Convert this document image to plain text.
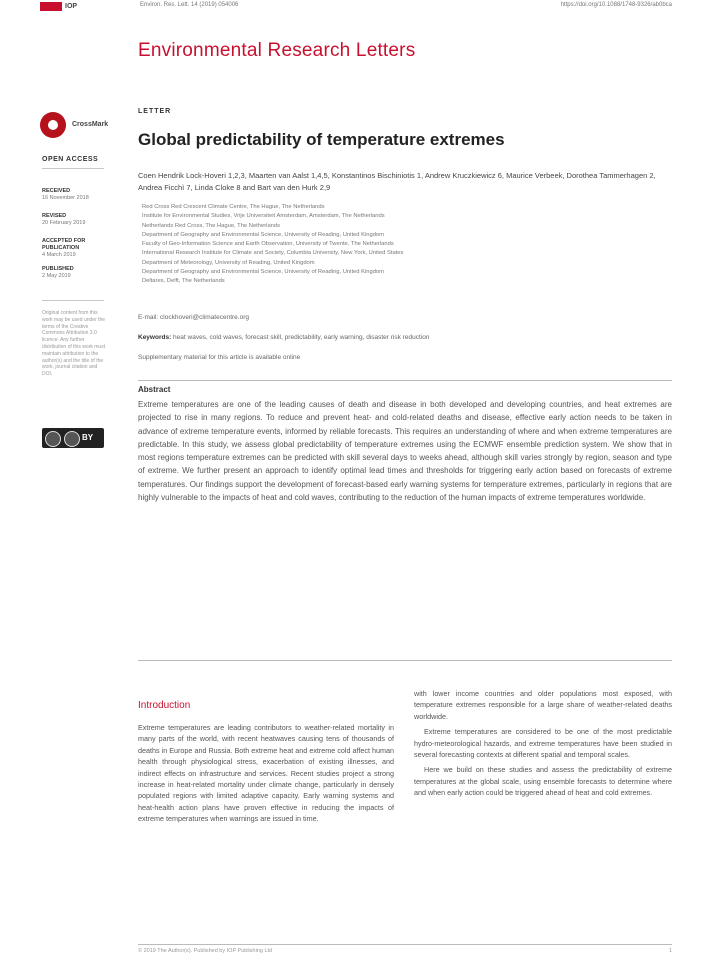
IOP	Environ. Res. Lett. 14 (2019) 054006	https://doi.org/10.1088/1748-9326/ab0bca
Environmental Research Letters
CrossMark
OPEN ACCESS
RECEIVED
16 November 2018
REVISED
20 February 2019
ACCEPTED FOR PUBLICATION
4 March 2019
PUBLISHED
2 May 2019
Original content from this work may be used under the terms of the Creative Commons Attribution 3.0 licence. Any further distribution of this work must maintain attribution to the author(s) and the title of the work, journal citation and DOI.
BY
LETTER
Global predictability of temperature extremes
Coen Hendrik Lock-Hoveri 1,2,3, Maarten van Aalst 1,4,5, Konstantinos Bischiniotis 1, Andrew Kruczkiewicz 6, Maurice Verbeek, Dorothea Tammerhagen 2, Andrea Ficchì 7, Linda Cloke 8 and Bart van den Hurk 2,9
Red Cross Red Crescent Climate Centre, The Hague, The Netherlands
Institute for Environmental Studies, Vrije Universiteit Amsterdam, Amsterdam, The Netherlands
Netherlands Red Cross, The Hague, The Netherlands
Department of Geography and Environmental Science, University of Reading, United Kingdom
Faculty of Geo-Information Science and Earth Observation, University of Twente, The Netherlands
International Research Institute for Climate and Society, Columbia University, New York, United States
Department of Meteorology, University of Reading, United Kingdom
Department of Geography and Environmental Science, University of Reading, United Kingdom
Deltares, Delft, The Netherlands
E-mail: clockhoveri@climatecentre.org
Keywords: heat waves, cold waves, forecast skill, predictability, early warning, disaster risk reduction
Supplementary material for this article is available online
Abstract
Extreme temperatures are one of the leading causes of death and disease in both developed and developing countries, and heat extremes are projected to rise in many regions. To reduce and prevent heat- and cold-related deaths and disease, effective early action needs to be taken in advance of extreme temperature events, informed by reliable forecasts. This requires an understanding of where and when extreme temperatures are predictable. In this study, we assess global predictability of temperature extremes using the ECMWF ensemble prediction system. We show that in most regions temperature extremes can be predicted with skill several days to weeks ahead, although skill varies strongly by region, season and type of extreme. We further present an approach to identify optimal lead times and thresholds for triggering early action based on forecasts of extreme temperatures. Our findings support the development of forecast-based early warning systems for temperature extremes, particularly in regions that are highly vulnerable to the impacts of heat and cold waves, contributing to the reduction of the human impacts of extreme temperatures worldwide.
Introduction

Extreme temperatures are leading contributors to weather-related mortality in many parts of the world, with recent heatwaves causing tens of thousands of deaths in Europe and Russia. Both extreme heat and extreme cold affect human health through physiological stress, exacerbation of existing illnesses, and indirect effects on infrastructure and services. Recent studies project a strong increase in heat-related mortality under climate change, particularly in densely populated regions with limited adaptive capacity. Early warning systems and heat-health action plans have proven effective in reducing the impacts of extreme temperatures when warnings are issued in time.

with lower income countries and older populations most exposed, with temperature extremes responsible for a large share of weather-related deaths worldwide.

Extreme temperatures are considered to be one of the most predictable hydro-meteorological hazards, and extreme temperatures have been studied in several forecasting contexts at different spatial and temporal scales.

Here we build on these studies and assess the predictability of extreme temperatures at the global scale, using ensemble forecasts to determine where and when early action could be triggered ahead of heat and cold extremes.

© 2019 The Author(s). Published by IOP Publishing Ltd	1
